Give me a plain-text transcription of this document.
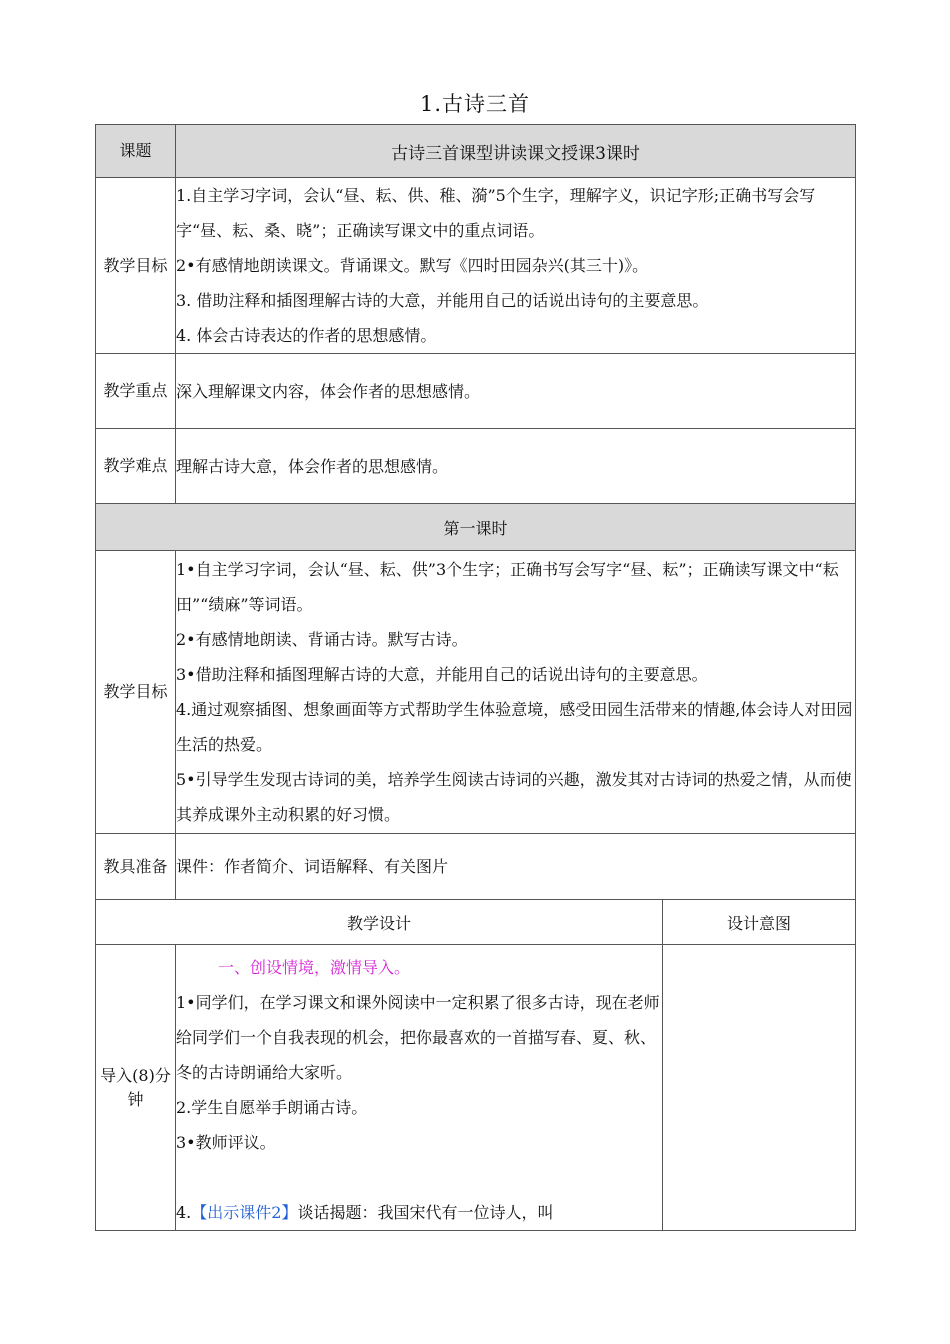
1.古诗三首
课题	古诗三首课型讲读课文授课3课时	
教学目标	1.自主学习字词，会认“昼、耘、供、稚、漪”5个生字，理解字义，识记字形;正确书写会写字“昼、耘、桑、晓”；正确读写课文中的重点词语。

2•有感情地朗读课文。背诵课文。默写《四时田园杂兴(其三十)》。

3. 借助注释和插图理解古诗的大意，并能用自己的话说出诗句的主要意思。

4. 体会古诗表达的作者的思想感情。	

教学重点	深入理解课文内容，体会作者的思想感情。	

教学难点	理解古诗大意，体会作者的思想感情。	

第一课时		
教学目标	1•自主学习字词，会认“昼、耘、供”3个生字；正确书写会写字“昼、耘”；正确读写课文中“耘田”“绩麻”等词语。

2•有感情地朗读、背诵古诗。默写古诗。

3•借助注释和插图理解古诗的大意，并能用自己的话说出诗句的主要意思。

4.通过观察插图、想象画面等方式帮助学生体验意境，感受田园生活带来的情趣,体会诗人对田园生活的热爱。

5•引导学生发现古诗词的美，培养学生阅读古诗词的兴趣，激发其对古诗词的热爱之情，从而使其养成课外主动积累的好习惯。	

教具准备	课件：作者简介、词语解释、有关图片	

教学设计		设计意图
导入(8)分钟	一、创设情境，激情导入。

1•同学们，在学习课文和课外阅读中一定积累了很多古诗，现在老师给同学们一个自我表现的机会，把你最喜欢的一首描写春、夏、秋、冬的古诗朗诵给大家听。

2.学生自愿举手朗诵古诗。

3•教师评议。

4.【出示课件2】谈话揭题：我国宋代有一位诗人，叫	
